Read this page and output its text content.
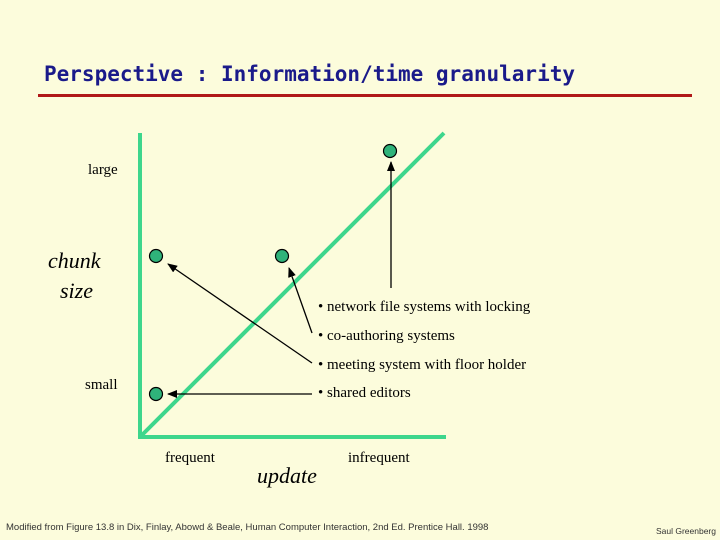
Perspective : Information/time granularity
large
chunk
size
small
• network file systems with locking
• co-authoring systems
• meeting system with floor holder
• shared editors
frequent
update
infrequent
Modified from Figure 13.8 in Dix, Finlay, Abowd & Beale, Human Computer Interaction, 2nd Ed. Prentice Hall. 1998	Saul Greenberg
